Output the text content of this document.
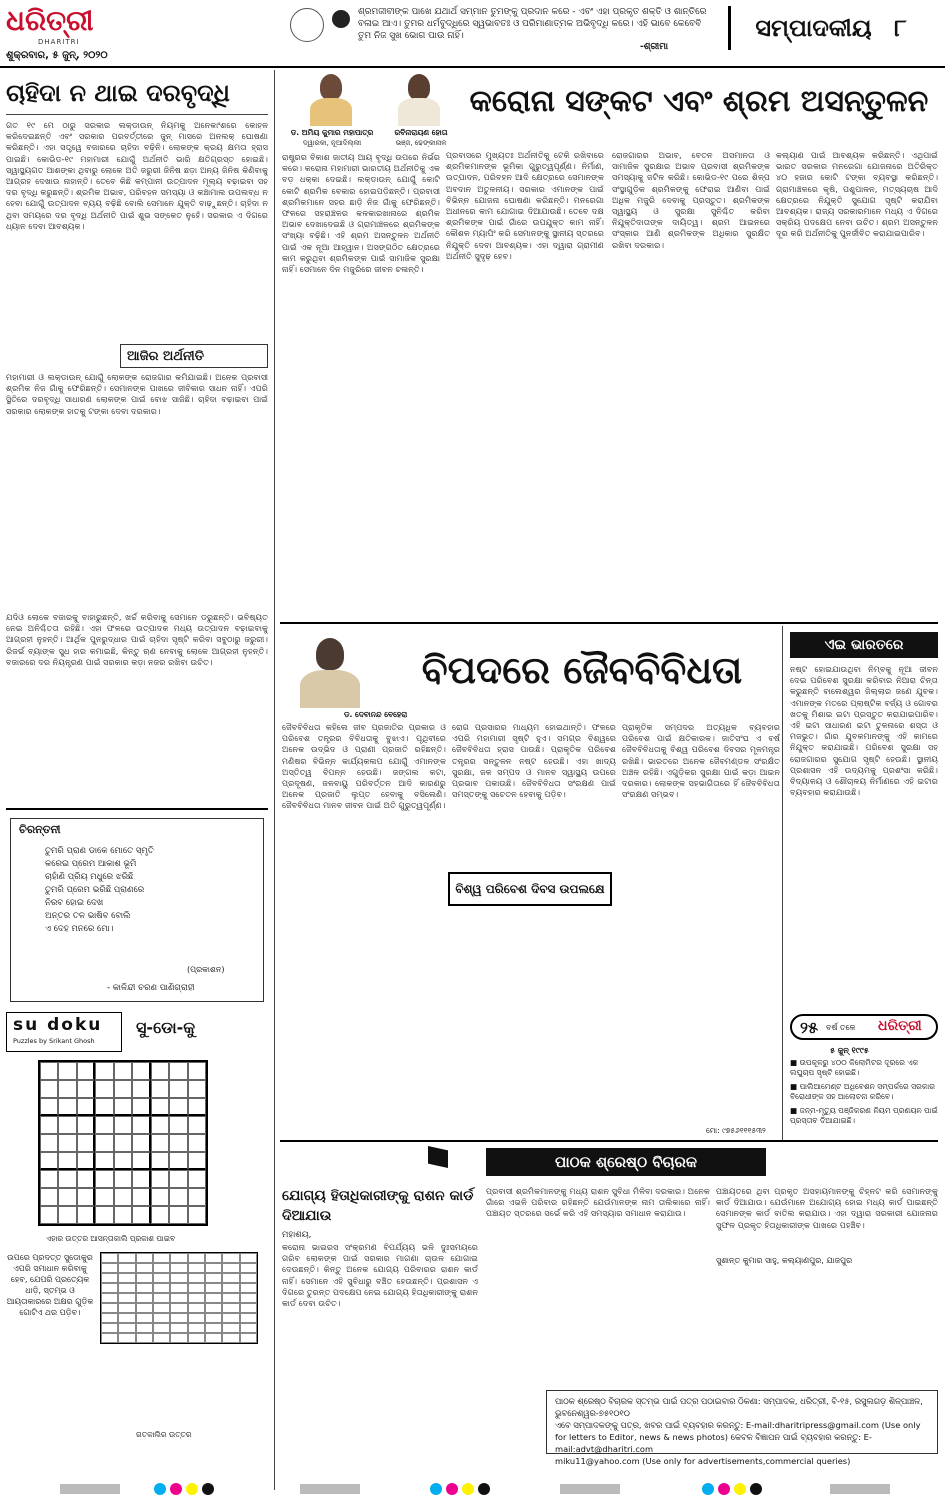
ଧରିତ୍ରୀ
DHARITRI
ଶୁକ୍ରବାର, ୫ ଜୁନ୍, ୨୦୨୦
ଶ୍ରମଜୀବୀଙ୍କ ପାଖେ ଯଥାର୍ଥ ସମ୍ମାନ ତୁମଙ୍କୁ ପ୍ରଦାନ କରେ - ଏବଂ ଏହା ପ୍ରକୃତ ଶକ୍ତି ଓ ଶାନ୍ତିରେ ବଳାଇ ଆଏ। ତୁମର ଧର୍ମବୁଦ୍ଧିରେ ସ୍ୱଭାବତଃ ଓ ପରିମାଣାତ୍ମକ ଅଭିବୃଦ୍ଧି କରେ। ଏହି ଭାବେ କେବେବି ତୁମ ନିଜ ସୁଖ ଭୋଗ ପାଉ ନାହିଁ।
-ଶ୍ରୀମା
ସମ୍ପାଦକୀୟ ୮
ଚାହିଦା ନ ଥାଇ ଦରବୃଦ୍ଧି
ଗତ ୧୯ ମେ ଠାରୁ ସରକାର ଲକ୍‌ଡାଉନ୍ ନିୟମକୁ ଅନେକାଂଶରେ କୋହଳ କରିଦେଇଛନ୍ତି ଏବଂ ସରକାର ପରବର୍ତ୍ତୀରେ ଜୁନ୍ ମାସରେ ଅନଲକ୍ ଘୋଷଣା କରିଛନ୍ତି। ଏହା ସତ୍ତ୍ୱେ ବଜାରରେ ଚାହିଦା ବଢ଼ିନି। ଲୋକଙ୍କ କ୍ରୟ କ୍ଷମତା ହ୍ରାସ ପାଇଛି। କୋଭିଡ-୧୯ ମହାମାରୀ ଯୋଗୁଁ ଅର୍ଥନୀତି ଭାରି କ୍ଷତିଗ୍ରସ୍ତ ହୋଇଛି। ସ୍ୱାସ୍ଥ୍ୟଗତ ଆଶଙ୍କା ଥିବାରୁ ଲୋକେ ଅତି ଜରୁରୀ ଜିନିଷ ଛଡ଼ା ଅନ୍ୟ ଜିନିଷ କିଣିବାକୁ ଆଗ୍ରହ ଦେଖାଉ ନାହାନ୍ତି। ତେବେ କିଛି କମ୍ପାନୀ ଉତ୍ପାଦନ ମୂଲ୍ୟ ବଢ଼ାଇବା ସହ ଦର ବୃଦ୍ଧି କରୁଛନ୍ତି। ଶ୍ରମିକ ଅଭାବ, ପରିବହନ ସମସ୍ୟା ଓ କଞ୍ଚାମାଲ ଉପଲବ୍ଧ ନ ହେବା ଯୋଗୁଁ ଉତ୍ପାଦନ ବ୍ୟୟ ବଢ଼ିଛି ବୋଲି ସେମାନେ ଯୁକ୍ତି ବାଢ଼ୁଛନ୍ତି। ଚାହିଦା ନ ଥିବା ସମୟରେ ଦର ବୃଦ୍ଧି ଅର୍ଥନୀତି ପାଇଁ ଶୁଭ ସଙ୍କେତ ନୁହେଁ। ସରକାର ଏ ଦିଗରେ ଧ୍ୟାନ ଦେବା ଆବଶ୍ୟକ।
ଆଜିର ଅର୍ଥନୀତି
ମହାମାରୀ ଓ ଲକ୍‌ଡାଉନ୍ ଯୋଗୁଁ ଲୋକଙ୍କ ରୋଜଗାର କମିଯାଇଛି। ଅନେକ ପ୍ରବାସୀ ଶ୍ରମିକ ନିଜ ଗାଁକୁ ଫେରିଛନ୍ତି। ସେମାନଙ୍କ ପାଖରେ ଜୀବିକାର ସାଧନ ନାହିଁ। ଏପରି ସ୍ଥିତିରେ ଦରବୃଦ୍ଧି ସାଧାରଣ ଲୋକଙ୍କ ପାଇଁ ବୋଝ ସାଜିଛି। ଚାହିଦା ବଢ଼ାଇବା ପାଇଁ ସରକାର ଲୋକଙ୍କ ହାତକୁ ଟଙ୍କା ଦେବା ଦରକାର।
ଯଦିଓ ଲୋକେ ବଜାରକୁ ବାହାରୁଛନ୍ତି, ଖର୍ଚ୍ଚ କରିବାକୁ ସେମାନେ ଡରୁଛନ୍ତି। ଭବିଷ୍ୟତ ନେଇ ଅନିଶ୍ଚିତତା ରହିଛି। ଏହା ଫଳରେ ଉତ୍ପାଦକ ମଧ୍ୟ ଉତ୍ପାଦନ ବଢ଼ାଇବାକୁ ଆଗ୍ରହୀ ନୁହନ୍ତି। ଆର୍ଥିକ ପୁନରୁଦ୍ଧାର ପାଇଁ ଚାହିଦା ସୃଷ୍ଟି କରିବା ସବୁଠାରୁ ଜରୁରୀ। ରିଜର୍ଭ ବ୍ୟାଙ୍କ ସୁଧ ହାର କମାଇଛି, କିନ୍ତୁ ଋଣ ନେବାକୁ ଲୋକେ ଆଗ୍ରହୀ ନୁହନ୍ତି। ବଜାରରେ ଦର ନିୟନ୍ତ୍ରଣ ପାଇଁ ସରକାର କଡ଼ା ନଜର ରଖିବା ଉଚିତ।
ଚିରନ୍ତନୀ
ତୁମରି ପ୍ରାଣ ଡାକେ ମୋତେ ସ୍ମୃତି
କରେଇ ପ୍ରେମ ଆକାଶ ଭୂମି
ଚାହାଁଣି ପ୍ରିୟ ମଧୁରେ ଝରିଛି
ତୁମରି ପ୍ରେମ ଭରିଛି ପ୍ରାଣରେ
ନିରବ ହୋଇ ଦେଖ
ଅନ୍ତର ତଳ ଭାଷିବ ବୋଲି
ଏ ଦେହ ମନରେ ମୋ।
(ପ୍ରକାଶନ)
- କାଳିନ୍ଦୀ ଚରଣ ପାଣିଗ୍ରାହୀ
su doku
Puzzles by Srikant Ghosh
ସୁ-ଡୋ-କୁ
ଏହାର ଉତ୍ତର ଆସନ୍ତାକାଲି ପ୍ରକାଶ ପାଇବ
ଉପରେ ପ୍ରଦତ୍ତ ସୁଡୋକୁର ଏପରି ସମାଧାନ କରିବାକୁ ହେବ, ଯେପରି ପ୍ରତ୍ୟେକ ଧାଡ଼ି, ସ୍ତମ୍ଭ ଓ ଆୟତାକାରରେ ଅକ୍ଷର ଗୁଡ଼ିକ ଗୋଟିଏ ଥର ପଡ଼ିବ।
ଗତକାଲିର ଉତ୍ତର
ଡ. ଅମିୟ କୁମାର ମହାପାତ୍ର
ଦ୍ୱାରକା, ନୂଆଦିଲ୍ଲୀ
ରବିନାରାୟଣ ହୋତା
ଭଞ୍ଜ, ଢେଙ୍କାନାଳ
କରୋନା ସଙ୍କଟ ଏବଂ ଶ୍ରମ ଅସନ୍ତୁଳନ
ରାଷ୍ଟ୍ରର ବିକାଶ ଜାତୀୟ ଆୟ ବୃଦ୍ଧି ଉପରେ ନିର୍ଭର କରେ। କରୋନା ମହାମାରୀ ଭାରତୀୟ ଅର୍ଥନୀତିକୁ ଏକ ବଡ଼ ଧକ୍କା ଦେଇଛି। ଲକ୍‌ଡାଉନ୍ ଯୋଗୁଁ କୋଟି କୋଟି ଶ୍ରମିକ ବେକାର ହୋଇପଡ଼ିଛନ୍ତି। ପ୍ରବାସୀ ଶ୍ରମିକମାନେ ସହର ଛାଡ଼ି ନିଜ ଗାଁକୁ ଫେରିଛନ୍ତି। ଫଳରେ ସହରାଞ୍ଚଳର କଳକାରଖାନାରେ ଶ୍ରମିକ ଅଭାବ ଦେଖାଦେଇଛି ଓ ଗ୍ରାମାଞ୍ଚଳରେ ଶ୍ରମିକଙ୍କ ସଂଖ୍ୟା ବଢ଼ିଛି। ଏହି ଶ୍ରମ ଅସନ୍ତୁଳନ ଅର୍ଥନୀତି ପାଇଁ ଏକ ନୂଆ ଆହ୍ୱାନ। ଅସଙ୍ଗଠିତ କ୍ଷେତ୍ରରେ କାମ କରୁଥିବା ଶ୍ରମିକଙ୍କ ପାଇଁ ସାମାଜିକ ସୁରକ୍ଷା ନାହିଁ। ସେମାନେ ଦିନ ମଜୁରିରେ ଜୀବନ ଚଳାନ୍ତି।
ପ୍ରବାସରେ ମୁଖ୍ୟତଃ ଅର୍ଥନୀତିକୁ ଟେକି ରଖିବାରେ ଶ୍ରମିକମାନଙ୍କ ଭୂମିକା ଗୁରୁତ୍ୱପୂର୍ଣ୍ଣ। ନିର୍ମାଣ, ଉତ୍ପାଦନ, ପରିବହନ ଆଦି କ୍ଷେତ୍ରରେ ସେମାନଙ୍କ ଅବଦାନ ଅତୁଳନୀୟ। ସରକାର ଏମାନଙ୍କ ପାଇଁ ବିଭିନ୍ନ ଯୋଜନା ଘୋଷଣା କରିଛନ୍ତି। ମନରେଗା ଅଧୀନରେ କାମ ଯୋଗାଇ ଦିଆଯାଉଛି। ତେବେ ଦକ୍ଷ ଶ୍ରମିକଙ୍କ ପାଇଁ ଗାଁରେ ଉପଯୁକ୍ତ କାମ ନାହିଁ। କୌଶଳ ମ୍ୟାପିଂ କରି ସେମାନଙ୍କୁ ସ୍ଥାନୀୟ ସ୍ତରରେ ନିଯୁକ୍ତି ଦେବା ଆବଶ୍ୟକ। ଏହା ଦ୍ୱାରା ଗ୍ରାମୀଣ ଅର୍ଥନୀତି ସୁଦୃଢ଼ ହେବ।
ରୋଜଗାରର ଅଭାବ, ବେତନ ଅସମାନତା ଓ ସାମାଜିକ ସୁରକ୍ଷାର ଅଭାବ ପ୍ରବାସୀ ଶ୍ରମିକଙ୍କ ସମସ୍ୟାକୁ ଜଟିଳ କରିଛି। କୋଭିଡ-୧୯ ପରେ ଶିଳ୍ପ ସଂସ୍ଥାଗୁଡ଼ିକ ଶ୍ରମିକଙ୍କୁ ଫେରାଇ ଆଣିବା ପାଇଁ ଅଧିକ ମଜୁରି ଦେବାକୁ ପ୍ରସ୍ତୁତ। ଶ୍ରମିକଙ୍କ ସ୍ୱାସ୍ଥ୍ୟ ଓ ସୁରକ୍ଷା ସୁନିଶ୍ଚିତ କରିବା ନିଯୁକ୍ତିଦାତାଙ୍କ ଦାୟିତ୍ୱ। ଶ୍ରମ ଆଇନରେ ସଂସ୍କାର ଆଣି ଶ୍ରମିକଙ୍କ ଅଧିକାର ସୁରକ୍ଷିତ ରଖିବା ଦରକାର।
କଲ୍ୟାଣ ପାଇଁ ଆବଶ୍ୟକ କରିଛନ୍ତି। ଏଥିପାଇଁ ଭାରତ ସରକାର ମନରେଗା ଯୋଜନାରେ ଅତିରିକ୍ତ ୪୦ ହଜାର କୋଟି ଟଙ୍କା ବ୍ୟବସ୍ଥା କରିଛନ୍ତି। ଗ୍ରାମାଞ୍ଚଳରେ କୃଷି, ପଶୁପାଳନ, ମତ୍ସ୍ୟଚାଷ ଆଦି କ୍ଷେତ୍ରରେ ନିଯୁକ୍ତି ସୁଯୋଗ ସୃଷ୍ଟି କରାଯିବା ଆବଶ୍ୟକ। ରାଜ୍ୟ ସରକାରମାନେ ମଧ୍ୟ ଏ ଦିଗରେ ସକ୍ରିୟ ପଦକ୍ଷେପ ନେବା ଉଚିତ। ଶ୍ରମ ଅସନ୍ତୁଳନ ଦୂର କରି ଅର୍ଥନୀତିକୁ ପୁନର୍ଜୀବିତ କରାଯାଇପାରିବ।
ଡ. ଦେବାନନ୍ଦ ବେହେରା
ବିପଦରେ ଜୈବବିବିଧତା
ଜୈବବିବିଧତା କହିଲେ ଜୀବ ପ୍ରଜାତିର ପ୍ରକାର ଓ ପରିବେଶ ତନ୍ତ୍ରର ବିବିଧତାକୁ ବୁଝାଏ। ପୃଥିବୀରେ ଅନେକ ଉଦ୍ଭିଦ ଓ ପ୍ରାଣୀ ପ୍ରଜାତି ରହିଛନ୍ତି। ମଣିଷର ବିଭିନ୍ନ କାର୍ଯ୍ୟକଳାପ ଯୋଗୁଁ ଏମାନଙ୍କ ଅସ୍ତିତ୍ୱ ବିପନ୍ନ ହେଉଛି। ଜଙ୍ଗଲ କଟା, ପ୍ରଦୂଷଣ, ଜଳବାୟୁ ପରିବର୍ତ୍ତନ ଆଦି କାରଣରୁ ଅନେକ ପ୍ରଜାତି ଲୁପ୍ତ ହେବାକୁ ବସିଲେଣି। ଜୈବବିବିଧତା ମାନବ ଜୀବନ ପାଇଁ ଅତି ଗୁରୁତ୍ୱପୂର୍ଣ୍ଣ।
ରୋଗ ପ୍ରସାରର ମାଧ୍ୟମ ହୋଇଥାନ୍ତି। ଫଳରେ ଏପରି ମହାମାରୀ ସୃଷ୍ଟି ହୁଏ। ସମଗ୍ର ବିଶ୍ୱରେ ଜୈବବିବିଧତା ହ୍ରାସ ପାଉଛି। ପ୍ରାକୃତିକ ପରିବେଶ ତନ୍ତ୍ରର ସନ୍ତୁଳନ ନଷ୍ଟ ହେଉଛି। ଏହା ଖାଦ୍ୟ ସୁରକ୍ଷା, ଜଳ ସମ୍ପଦ ଓ ମାନବ ସ୍ୱାସ୍ଥ୍ୟ ଉପରେ ପ୍ରଭାବ ପକାଉଛି। ଜୈବବିବିଧତା ସଂରକ୍ଷଣ ପାଇଁ ସମସ୍ତଙ୍କୁ ସଚେତନ ହେବାକୁ ପଡ଼ିବ।
ବିଶ୍ୱ ପରିବେଶ ଦିବସ ଉପଲକ୍ଷେ
ପ୍ରାକୃତିକ ସମ୍ପଦର ଅତ୍ୟଧିକ ବ୍ୟବହାର ପରିବେଶ ପାଇଁ କ୍ଷତିକାରକ। ଜାତିସଂଘ ଏ ବର୍ଷ ଜୈବବିବିଧତାକୁ ବିଶ୍ୱ ପରିବେଶ ଦିବସର ମୂଳମନ୍ତ୍ର ରଖିଛି। ଭାରତରେ ଅନେକ ଜୈବମଣ୍ଡଳ ସଂରକ୍ଷିତ ଅଞ୍ଚଳ ରହିଛି। ଏଗୁଡ଼ିକର ସୁରକ୍ଷା ପାଇଁ କଡ଼ା ଆଇନ ଦରକାର। ଲୋକଙ୍କ ସହଭାଗିତାରେ ହିଁ ଜୈବବିବିଧତା ସଂରକ୍ଷଣ ସମ୍ଭବ।
ମୋ: ୯୭୫୬୧୧୧୫୩୨
ଏଇ ଭାରତରେ
ନଷ୍ଟ ହୋଇଯାଉଥିବା ନିମ୍ବକୁ ନୂଆ ଜୀବନ ଦେଇ ପରିବେଶ ସୁରକ୍ଷା କରିବାର ନିଆରା ଚିନ୍ତା କରୁଛନ୍ତି ବାଲେଶ୍ୱର ଜିଲ୍ଲାର ଜଣେ ଯୁବକ। ଏମାନଙ୍କ ମତରେ ପ୍ଲାଷ୍ଟିକ ବର୍ଜ୍ୟ ଓ ଗୋବର ଖତକୁ ମିଶାଇ ଇଟା ପ୍ରସ୍ତୁତ କରାଯାଇପାରିବ। ଏହି ଇଟା ସାଧାରଣ ଇଟା ତୁଳନାରେ ଶସ୍ତା ଓ ମଜଭୁତ। ଗାଁର ଯୁବକମାନଙ୍କୁ ଏହି କାମରେ ନିଯୁକ୍ତ କରାଯାଇଛି। ପରିବେଶ ସୁରକ୍ଷା ସହ ରୋଜଗାରର ସୁଯୋଗ ସୃଷ୍ଟି ହେଉଛି। ସ୍ଥାନୀୟ ପ୍ରଶାସନ ଏହି ଉଦ୍ୟମକୁ ପ୍ରଶଂସା କରିଛି। ବିଦ୍ୟାଳୟ ଓ ଶୌଚାଳୟ ନିର୍ମାଣରେ ଏହି ଇଟାର ବ୍ୟବହାର କରାଯାଉଛି।
୨୫ ବର୍ଷ ତଳେ ଧରିତ୍ରୀ
୫ ଜୁନ୍ ୧୯୯୫
■ ଉପକୂଳରୁ ୪୦୦ କିଲୋମିଟର ଦୂରରେ ଏକ ଲଘୁଚାପ ସୃଷ୍ଟି ହୋଇଛି।
■ ପାଲିଆମେଣ୍ଟ ଅଧିବେଶନ ସମ୍ପର୍କରେ ସରକାର ବିରୋଧୀଙ୍କ ସହ ଆଲୋଚନା କରିବେ।
■ ଜନ୍ମ-ମୃତ୍ୟୁ ପଞ୍ଜିକରଣ ନିୟମ ପ୍ରଣୟନ ପାଇଁ ପ୍ରସ୍ତାବ ଦିଆଯାଇଛି।
ପାଠକ ଶ୍ରେଷ୍ଠ ବିଚାରକ
ଯୋଗ୍ୟ ହିତାଧିକାରୀଙ୍କୁ ରାଶନ କାର୍ଡ ଦିଆଯାଉ
ମହାଶୟ,
କରୋନା ଭାଇରସ ସଂକ୍ରମଣ ବିପର୍ଯ୍ୟୟ ଭଳି ଦୁଃସମୟରେ ଗରିବ ଲୋକଙ୍କ ପାଇଁ ସରକାର ମାଗଣା ଚାଉଳ ଯୋଗାଇ ଦେଉଛନ୍ତି। କିନ୍ତୁ ଅନେକ ଯୋଗ୍ୟ ପରିବାରର ରାଶନ କାର୍ଡ ନାହିଁ। ସେମାନେ ଏହି ସୁବିଧାରୁ ବଞ୍ଚିତ ହେଉଛନ୍ତି। ପ୍ରଶାସନ ଏ ଦିଗରେ ତୁରନ୍ତ ପଦକ୍ଷେପ ନେଇ ଯୋଗ୍ୟ ହିତାଧିକାରୀଙ୍କୁ ରାଶନ କାର୍ଡ ଦେବା ଉଚିତ।
ପ୍ରବାସୀ ଶ୍ରମିକମାନଙ୍କୁ ମଧ୍ୟ ରାଶନ ସୁବିଧା ମିଳିବା ଦରକାର। ଅନେକ ଗାଁରେ ଏଭଳି ପରିବାର ରହିଛନ୍ତି ଯେଉଁମାନଙ୍କ ନାମ ତାଲିକାରେ ନାହିଁ। ପଞ୍ଚାୟତ ସ୍ତରରେ ସର୍ଭେ କରି ଏହି ସମସ୍ୟାର ସମାଧାନ କରାଯାଉ।
ପଞ୍ଚାୟତରେ ଥିବା ପ୍ରକୃତ ଅସହାୟମାନଙ୍କୁ ଚିହ୍ନଟ କରି ସେମାନଙ୍କୁ କାର୍ଡ ଦିଆଯାଉ। ଯେଉଁମାନେ ଅଯୋଗ୍ୟ ହୋଇ ମଧ୍ୟ କାର୍ଡ ପାଇଛନ୍ତି ସେମାନଙ୍କ କାର୍ଡ ବାତିଲ କରାଯାଉ। ଏହା ଦ୍ୱାରା ସରକାରୀ ଯୋଜନାର ସୁଫଳ ପ୍ରକୃତ ହିତାଧିକାରୀଙ୍କ ପାଖରେ ପହଞ୍ଚିବ।
ସୁଶାନ୍ତ କୁମାର ସାହୁ, କଲ୍ୟାଣପୁର, ଯାଜପୁର
ପାଠକ ଶ୍ରେଷ୍ଠ ବିଚାରକ ସ୍ତମ୍ଭ ପାଇଁ ପତ୍ର ପଠାଇବାର ଠିକଣା: ସମ୍ପାଦକ, ଧରିତ୍ରୀ, ବି-୧୫, ରସୁଲଗଡ଼ ଶିଳ୍ପାଞ୍ଚଳ, ଭୁବନେଶ୍ୱର-୭୫୧୦୧୦
ଏବେ ସମ୍ପାଦକଙ୍କୁ ପତ୍ର, ଖବର ପାଇଁ ବ୍ୟବହାର କରନ୍ତୁ: E-mail:dharitripress@gmail.com (Use only for letters to Editor, news & news photos) କେବଳ ବିଜ୍ଞାପନ ପାଇଁ ବ୍ୟବହାର କରନ୍ତୁ: E-mail:advt@dharitri.com
miku11@yahoo.com (Use only for advertisements,commercial queries)
